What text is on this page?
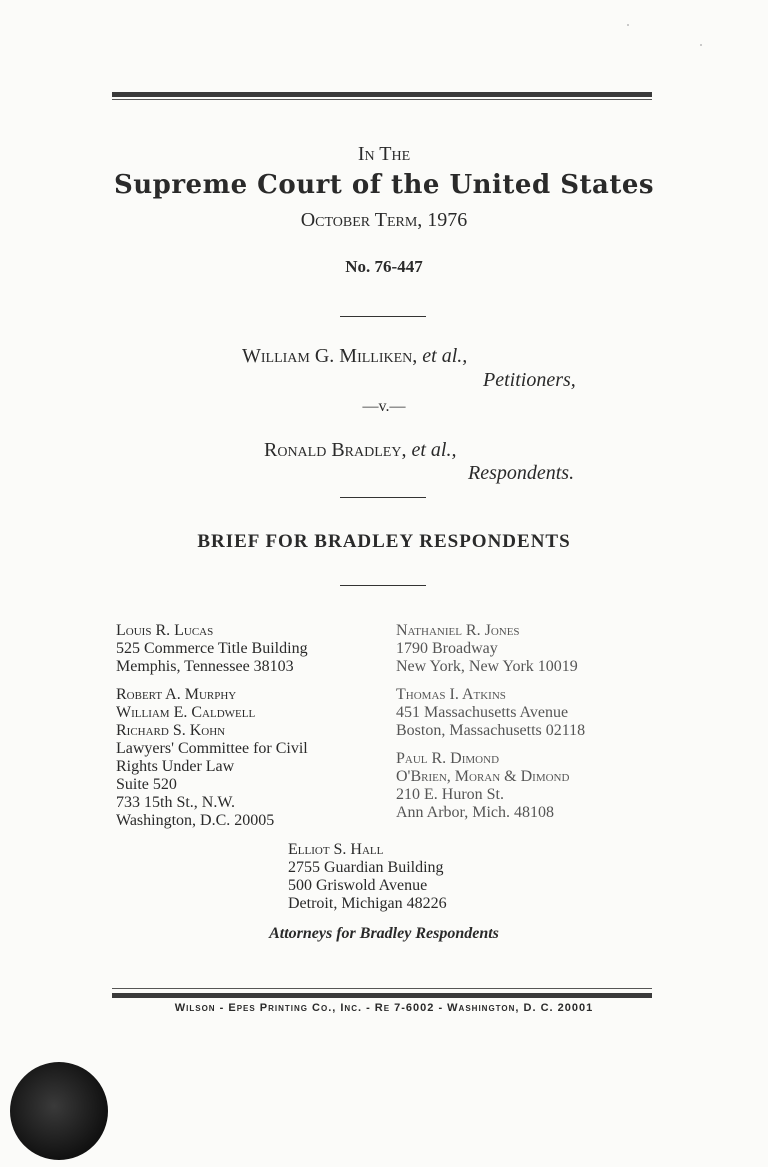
In The
Supreme Court of the United States
October Term, 1976
No. 76-447
William G. Milliken, et al.,
Petitioners,
—v.—
Ronald Bradley, et al.,
Respondents.
BRIEF FOR BRADLEY RESPONDENTS
Louis R. Lucas
525 Commerce Title Building
Memphis, Tennessee 38103
Robert A. Murphy
William E. Caldwell
Richard S. Kohn
Lawyers' Committee for Civil
Rights Under Law
Suite 520
733 15th St., N.W.
Washington, D.C. 20005
Nathaniel R. Jones
1790 Broadway
New York, New York 10019
Thomas I. Atkins
451 Massachusetts Avenue
Boston, Massachusetts 02118
Paul R. Dimond
O'Brien, Moran & Dimond
210 E. Huron St.
Ann Arbor, Mich. 48108
Elliot S. Hall
2755 Guardian Building
500 Griswold Avenue
Detroit, Michigan 48226
Attorneys for Bradley Respondents
Wilson - Epes Printing Co., Inc. - Re 7-6002 - Washington, D. C. 20001
